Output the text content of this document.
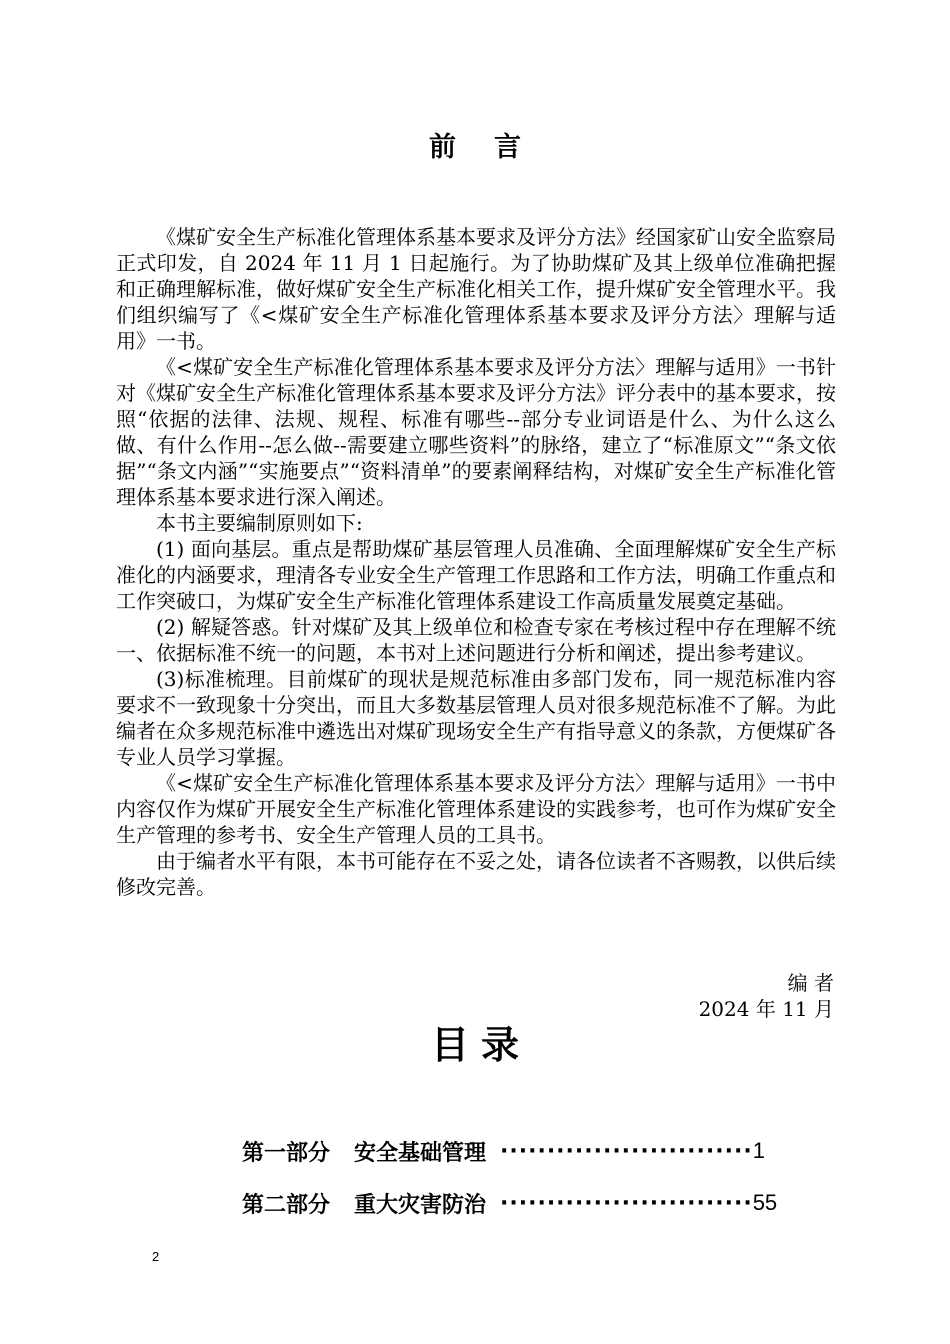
前言

《煤矿安全生产标准化管理体系基本要求及评分方法》经国家矿山安全监察局正式印发，自 2024 年 11 月 1 日起施行。为了协助煤矿及其上级单位准确把握和正确理解标准，做好煤矿安全生产标准化相关工作，提升煤矿安全管理水平。我们组织编写了《<煤矿安全生产标准化管理体系基本要求及评分方法〉理解与适用》一书。

《<煤矿安全生产标准化管理体系基本要求及评分方法〉理解与适用》一书针对《煤矿安全生产标准化管理体系基本要求及评分方法》评分表中的基本要求，按照“依据的法律、法规、规程、标准有哪些--部分专业词语是什么、为什么这么做、有什么作用--怎么做--需要建立哪些资料”的脉络，建立了“标准原文”“条文依据”“条文内涵”“实施要点”“资料清单”的要素阐释结构，对煤矿安全生产标准化管理体系基本要求进行深入阐述。

本书主要编制原则如下:

(1) 面向基层。重点是帮助煤矿基层管理人员准确、全面理解煤矿安全生产标准化的内涵要求，理清各专业安全生产管理工作思路和工作方法，明确工作重点和工作突破口，为煤矿安全生产标准化管理体系建设工作高质量发展奠定基础。

(2) 解疑答惑。针对煤矿及其上级单位和检查专家在考核过程中存在理解不统一、依据标准不统一的问题，本书对上述问题进行分析和阐述，提出参考建议。

(3)标准梳理。目前煤矿的现状是规范标准由多部门发布，同一规范标准内容要求不一致现象十分突出，而且大多数基层管理人员对很多规范标准不了解。为此编者在众多规范标准中遴选出对煤矿现场安全生产有指导意义的条款，方便煤矿各专业人员学习掌握。

《<煤矿安全生产标准化管理体系基本要求及评分方法〉理解与适用》一书中内容仅作为煤矿开展安全生产标准化管理体系建设的实践参考，也可作为煤矿安全生产管理的参考书、安全生产管理人员的工具书。

由于编者水平有限，本书可能存在不妥之处，请各位读者不吝赐教，以供后续修改完善。

编 者
2024 年 11 月
目录
第一部分 安全基础管理 ··························· 1
第二部分 重大灾害防治 ··························· 55
2
